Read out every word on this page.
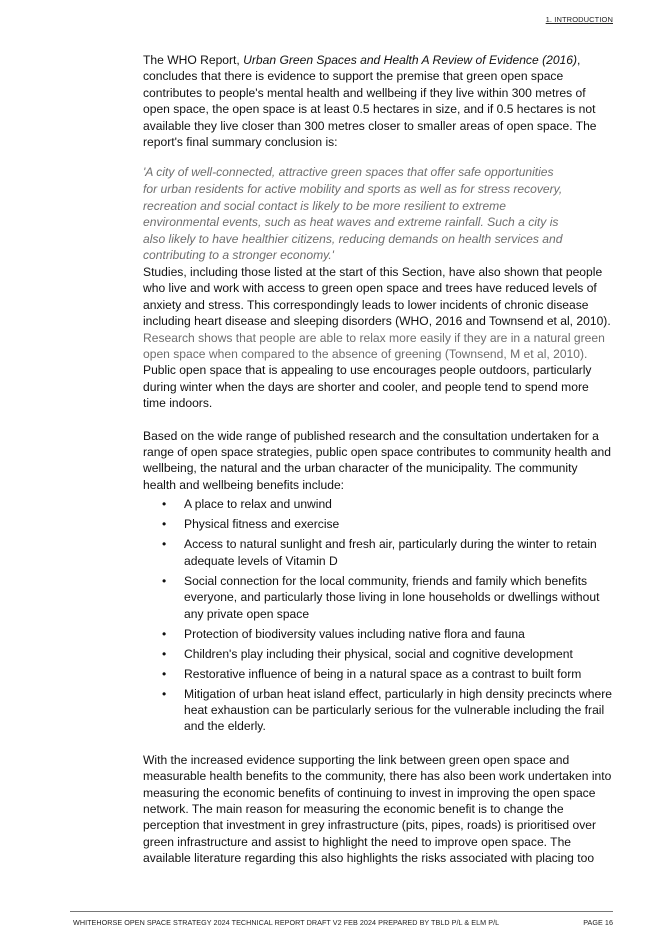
1. INTRODUCTION

The WHO Report, Urban Green Spaces and Health A Review of Evidence (2016), concludes that there is evidence to support the premise that green open space contributes to people's mental health and wellbeing if they live within 300 metres of open space, the open space is at least 0.5 hectares in size, and if 0.5 hectares is not available they live closer than 300 metres closer to smaller areas of open space. The report's final summary conclusion is:

'A city of well-connected, attractive green spaces that offer safe opportunities for urban residents for active mobility and sports as well as for stress recovery, recreation and social contact is likely to be more resilient to extreme environmental events, such as heat waves and extreme rainfall. Such a city is also likely to have healthier citizens, reducing demands on health services and contributing to a stronger economy.'

Studies, including those listed at the start of this Section, have also shown that people who live and work with access to green open space and trees have reduced levels of anxiety and stress. This correspondingly leads to lower incidents of chronic disease including heart disease and sleeping disorders (WHO, 2016 and Townsend et al, 2010). Research shows that people are able to relax more easily if they are in a natural green open space when compared to the absence of greening (Townsend, M et al, 2010). Public open space that is appealing to use encourages people outdoors, particularly during winter when the days are shorter and cooler, and people tend to spend more time indoors.

Based on the wide range of published research and the consultation undertaken for a range of open space strategies, public open space contributes to community health and wellbeing, the natural and the urban character of the municipality. The community health and wellbeing benefits include:

• A place to relax and unwind
• Physical fitness and exercise
• Access to natural sunlight and fresh air, particularly during the winter to retain adequate levels of Vitamin D
• Social connection for the local community, friends and family which benefits everyone, and particularly those living in lone households or dwellings without any private open space
• Protection of biodiversity values including native flora and fauna
• Children's play including their physical, social and cognitive development
• Restorative influence of being in a natural space as a contrast to built form
• Mitigation of urban heat island effect, particularly in high density precincts where heat exhaustion can be particularly serious for the vulnerable including the frail and the elderly.

With the increased evidence supporting the link between green open space and measurable health benefits to the community, there has also been work undertaken into measuring the economic benefits of continuing to invest in improving the open space network. The main reason for measuring the economic benefit is to change the perception that investment in grey infrastructure (pits, pipes, roads) is prioritised over green infrastructure and assist to highlight the need to improve open space. The available literature regarding this also highlights the risks associated with placing too

WHITEHORSE OPEN SPACE STRATEGY 2024 TECHNICAL REPORT DRAFT V2 FEB 2024 PREPARED BY TBLD P/L & ELM P/L	PAGE 16
